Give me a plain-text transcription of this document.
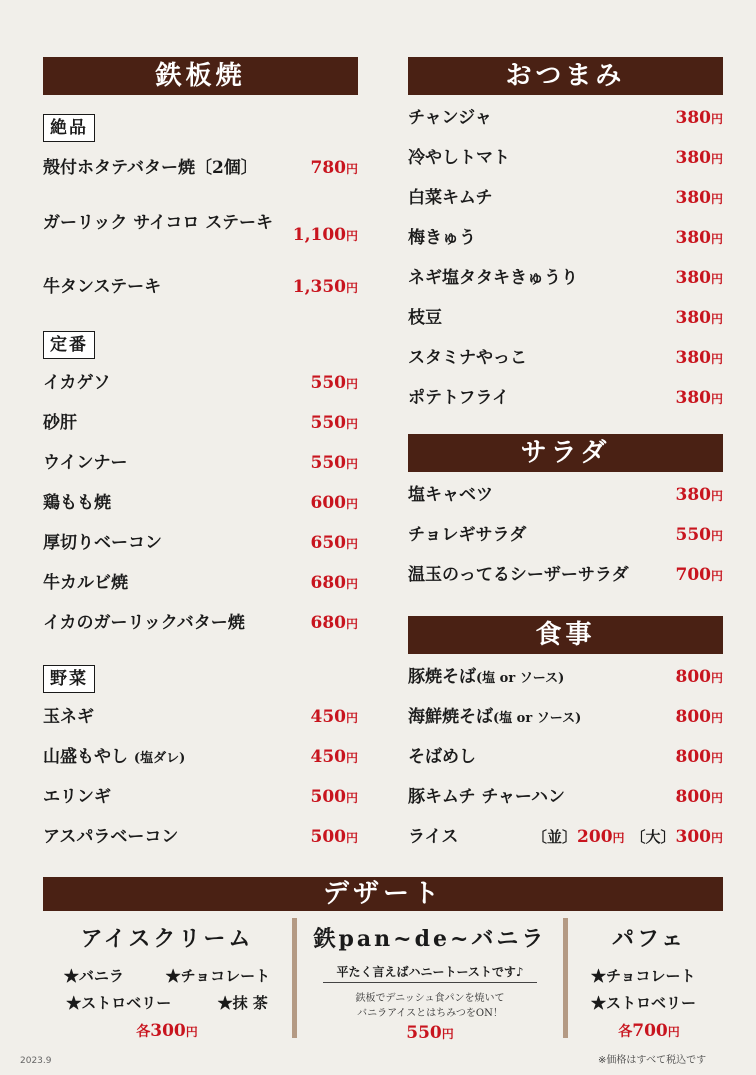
鉄板焼
絶品
殻付ホタテバター焼〔2個〕	780円
ガーリック サイコロ ステーキ
1,100円
牛タンステーキ	1,350円
定番
イカゲソ	550円
砂肝	550円
ウインナー	550円
鶏もも焼	600円
厚切りベーコン	650円
牛カルビ焼	680円
イカのガーリックバター焼	680円
野菜
玉ネギ	450円
山盛もやし (塩ダレ)	450円
エリンギ	500円
アスパラベーコン	500円
おつまみ
チャンジャ	380円
冷やしトマト	380円
白菜キムチ	380円
梅きゅう	380円
ネギ塩タタキきゅうり	380円
枝豆	380円
スタミナやっこ	380円
ポテトフライ	380円
サラダ
塩キャベツ	380円
チョレギサラダ	550円
温玉のってるシーザーサラダ	700円
食事
豚焼そば(塩 or ソース)	800円
海鮮焼そば(塩 or ソース)	800円
そばめし	800円
豚キムチ チャーハン	800円
ライス	〔並〕200円 〔大〕300円
デザート
アイスクリーム
★バニラ	★チョコレート
★ストロベリー	★抹 茶
各300円
鉄pan~de~バニラ
平たく言えばハニートーストです♪
鉄板でデニッシュ食パンを焼いて
バニラアイスとはちみつをON！
550円
パフェ
★チョコレート
★ストロベリー
各700円
2023.9	※価格はすべて税込です
